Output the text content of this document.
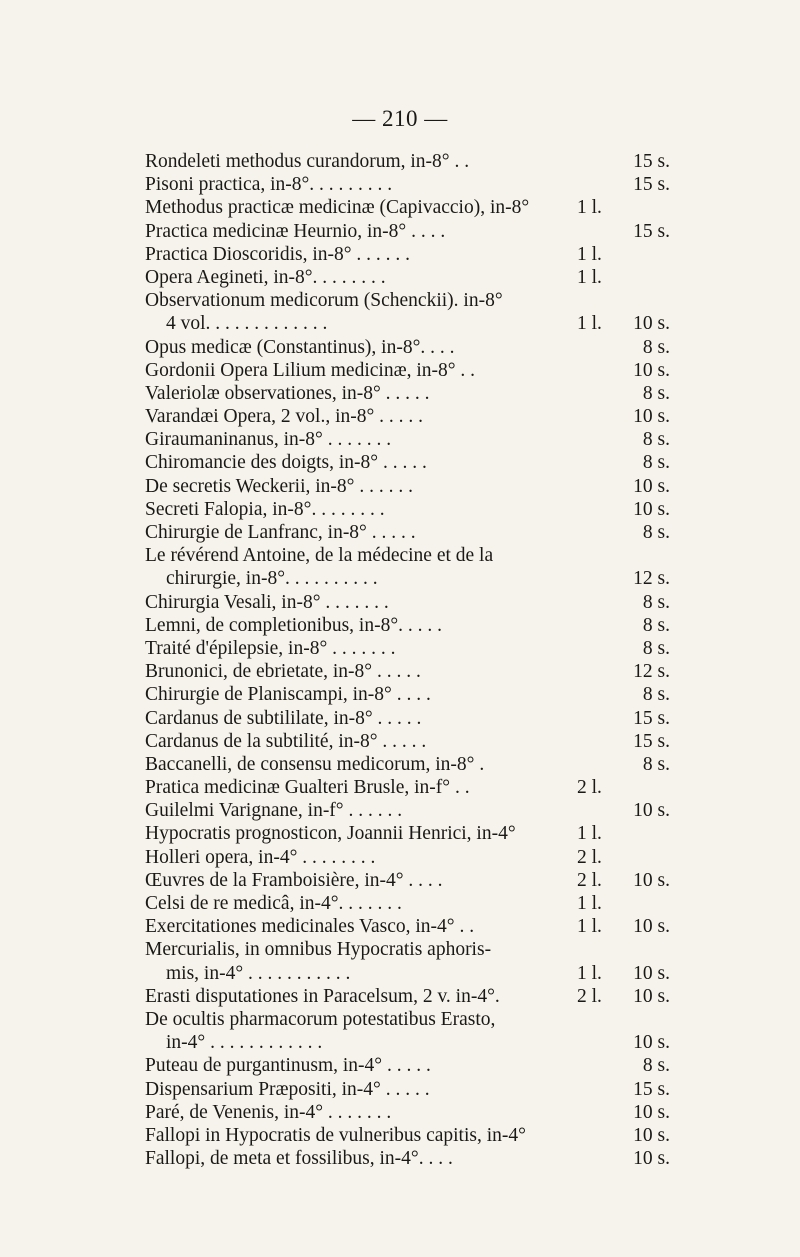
— 210 —
Rondeleti methodus curandorum, in-8° . .	15 s.
Pisoni practica, in-8°. . . . . . . . .	15 s.
Methodus practicæ medicinæ (Capivaccio), in-8° 1 l.
Practica medicinæ Heurnio, in-8° . . . .	15 s.
Practica Dioscoridis, in-8° . . . . . .	1 l.
Opera Aegineti, in-8°. . . . . . . .	1 l.
Observationum medicorum (Schenckii). in-8°
4 vol. . . . . . . . . . . . .	1 l. 10 s.
Opus medicæ (Constantinus), in-8°. . . .	8 s.
Gordonii Opera Lilium medicinæ, in-8° . .	10 s.
Valeriolæ observationes, in-8° . . . . .	8 s.
Varandæi Opera, 2 vol., in-8° . . . . .	10 s.
Giraumaninanus, in-8° . . . . . . .	8 s.
Chiromancie des doigts, in-8° . . . . .	8 s.
De secretis Weckerii, in-8° . . . . . .	10 s.
Secreti Falopia, in-8°. . . . . . . .	10 s.
Chirurgie de Lanfranc, in-8° . . . . .	8 s.
Le révérend Antoine, de la médecine et de la
chirurgie, in-8°. . . . . . . . . .	12 s.
Chirurgia Vesali, in-8° . . . . . . .	8 s.
Lemni, de completionibus, in-8°. . . . .	8 s.
Traité d'épilepsie, in-8° . . . . . . .	8 s.
Brunonici, de ebrietate, in-8° . . . . .	12 s.
Chirurgie de Planiscampi, in-8° . . . .	8 s.
Cardanus de subtililate, in-8° . . . . .	15 s.
Cardanus de la subtilité, in-8° . . . . .	15 s.
Baccanelli, de consensu medicorum, in-8° .	8 s.
Pratica medicinæ Gualteri Brusle, in-f° . .	2 l.
Guilelmi Varignane, in-f° . . . . . .	10 s.
Hypocratis prognosticon, Joannii Henrici, in-4°	1 l.
Holleri opera, in-4° . . . . . . . .	2 l.
Œuvres de la Framboisière, in-4° . . . .	2 l. 10 s.
Celsi de re medicâ, in-4°. . . . . . .	1 l.
Exercitationes medicinales Vasco, in-4° . .	1 l. 10 s.
Mercurialis, in omnibus Hypocratis aphoris-
mis, in-4° . . . . . . . . . . .	1 l. 10 s.
Erasti disputationes in Paracelsum, 2 v. in-4°.	2 l. 10 s.
De ocultis pharmacorum potestatibus Erasto,
in-4° . . . . . . . . . . . .	10 s.
Puteau de purgantinusm, in-4° . . . . .	8 s.
Dispensarium Præpositi, in-4° . . . . .	15 s.
Paré, de Venenis, in-4° . . . . . . .	10 s.
Fallopi in Hypocratis de vulneribus capitis, in-4°	10 s.
Fallopi, de meta et fossilibus, in-4°. . . .	10 s.
